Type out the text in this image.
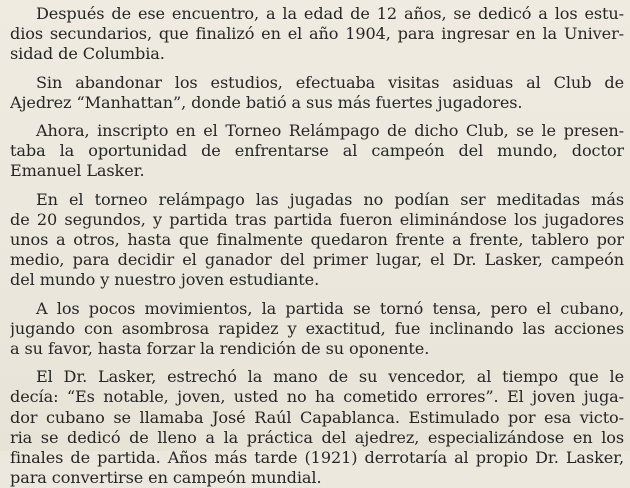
Después de ese encuentro, a la edad de 12 años, se dedicó a los estu-
dios secundarios, que finalizó en el año 1904, para ingresar en la Univer-
sidad de Columbia.
Sin abandonar los estudios, efectuaba visitas asiduas al Club de
Ajedrez “Manhattan”, donde batió a sus más fuertes jugadores.
Ahora, inscripto en el Torneo Relámpago de dicho Club, se le presen-
taba la oportunidad de enfrentarse al campeón del mundo, doctor
Emanuel Lasker.
En el torneo relámpago las jugadas no podían ser meditadas más
de 20 segundos, y partida tras partida fueron eliminándose los jugadores
unos a otros, hasta que finalmente quedaron frente a frente, tablero por
medio, para decidir el ganador del primer lugar, el Dr. Lasker, campeón
del mundo y nuestro joven estudiante.
A los pocos movimientos, la partida se tornó tensa, pero el cubano,
jugando con asombrosa rapidez y exactitud, fue inclinando las acciones
a su favor, hasta forzar la rendición de su oponente.
El Dr. Lasker, estrechó la mano de su vencedor, al tiempo que le
decía: “Es notable, joven, usted no ha cometido errores”. El joven juga-
dor cubano se llamaba José Raúl Capablanca. Estimulado por esa victo-
ria se dedicó de lleno a la práctica del ajedrez, especializándose en los
finales de partida. Años más tarde (1921) derrotaría al propio Dr. Lasker,
para convertirse en campeón mundial.
